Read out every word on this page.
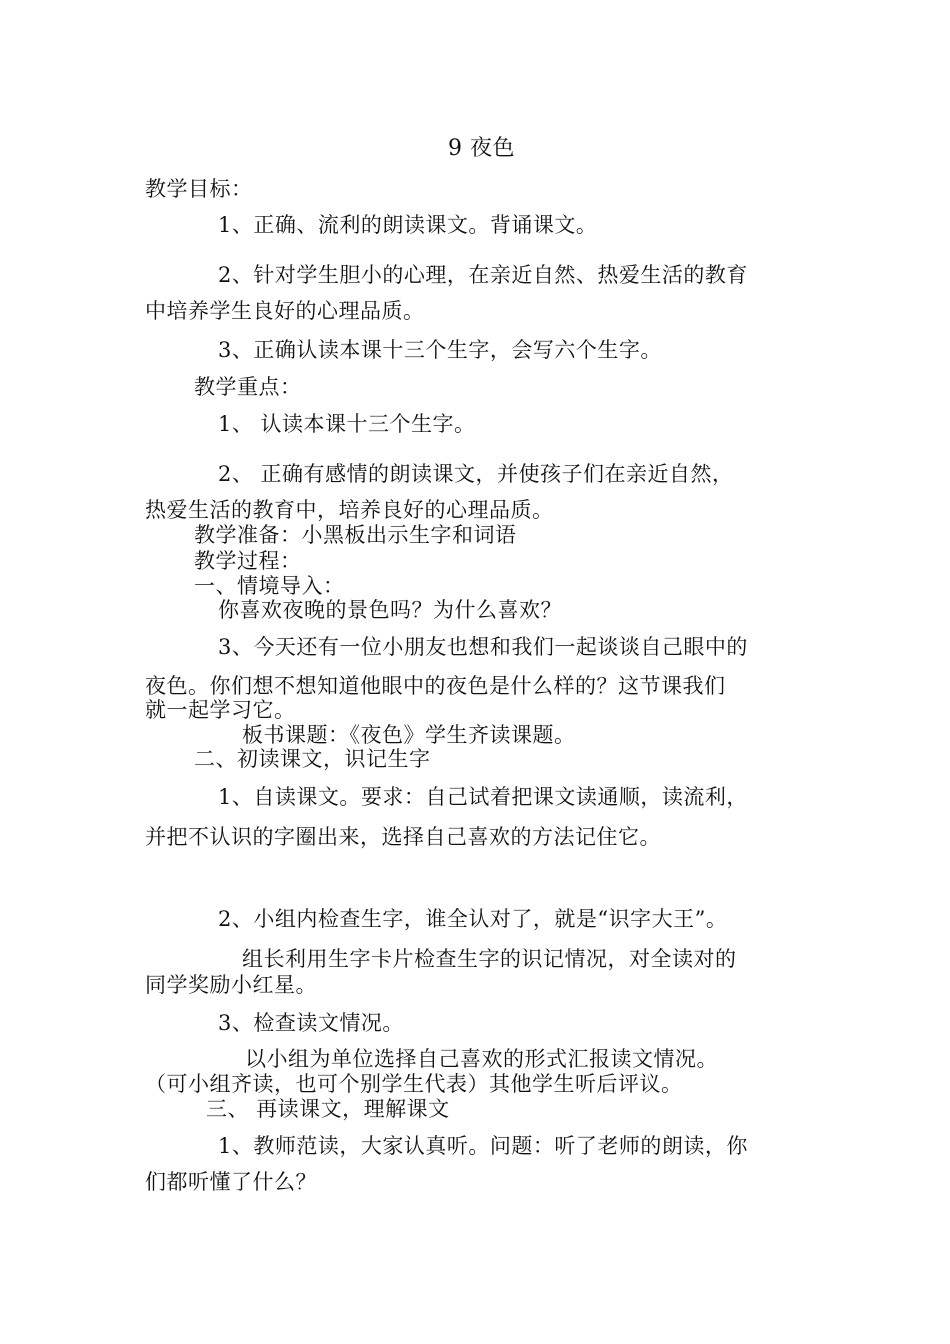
9 夜色
教学目标：
1、正确、流利的朗读课文。背诵课文。
2、针对学生胆小的心理，在亲近自然、热爱生活的教育
中培养学生良好的心理品质。
3、正确认读本课十三个生字，会写六个生字。
教学重点：
1、 认读本课十三个生字。
2、 正确有感情的朗读课文，并使孩子们在亲近自然，
热爱生活的教育中，培养良好的心理品质。
教学准备：小黑板出示生字和词语
教学过程：
一、情境导入：
你喜欢夜晚的景色吗？为什么喜欢？
3、今天还有一位小朋友也想和我们一起谈谈自己眼中的
夜色。你们想不想知道他眼中的夜色是什么样的？这节课我们
就一起学习它。
板书课题：《夜色》学生齐读课题。
二、初读课文，识记生字
1、自读课文。要求：自己试着把课文读通顺，读流利，
并把不认识的字圈出来，选择自己喜欢的方法记住它。
2、小组内检查生字，谁全认对了，就是“识字大王”。
组长利用生字卡片检查生字的识记情况，对全读对的
同学奖励小红星。
3、检查读文情况。
以小组为单位选择自己喜欢的形式汇报读文情况。
（可小组齐读，也可个别学生代表）其他学生听后评议。
三、 再读课文，理解课文
1、教师范读，大家认真听。问题：听了老师的朗读，你
们都听懂了什么？
